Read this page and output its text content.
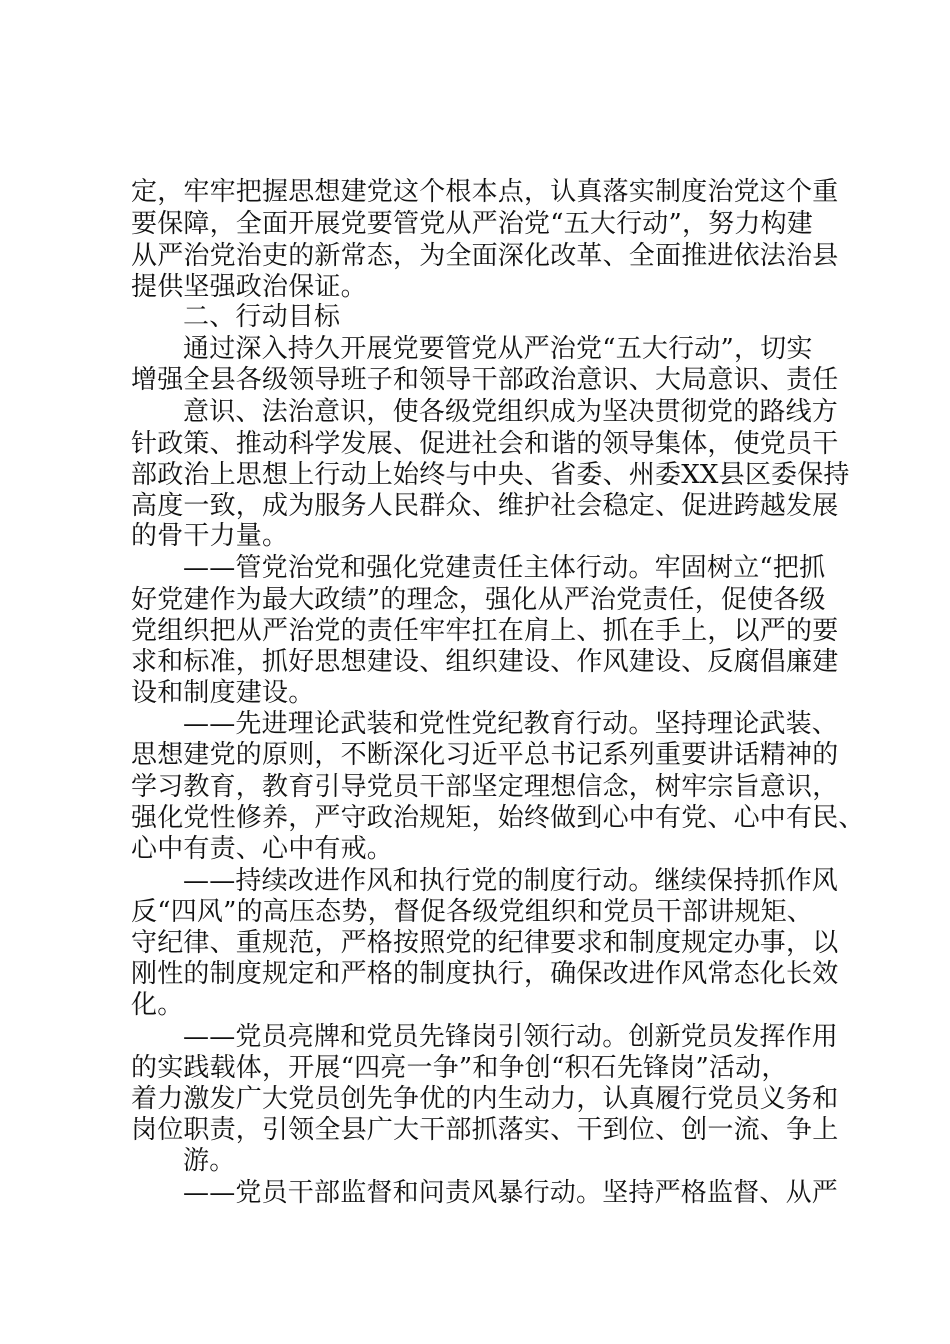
定，牢牢把握思想建党这个根本点，认真落实制度治党这个重
要保障，全面开展党要管党从严治党“五大行动”，努力构建
从严治党治吏的新常态，为全面深化改革、全面推进依法治县
提供坚强政治保证。
二、行动目标
通过深入持久开展党要管党从严治党“五大行动”，切实
增强全县各级领导班子和领导干部政治意识、大局意识、责任
意识、法治意识，使各级党组织成为坚决贯彻党的路线方
针政策、推动科学发展、促进社会和谐的领导集体，使党员干
部政治上思想上行动上始终与中央、省委、州委XX县区委保持
高度一致，成为服务人民群众、维护社会稳定、促进跨越发展
的骨干力量。
——管党治党和强化党建责任主体行动。牢固树立“把抓
好党建作为最大政绩”的理念，强化从严治党责任，促使各级
党组织把从严治党的责任牢牢扛在肩上、抓在手上，以严的要
求和标准，抓好思想建设、组织建设、作风建设、反腐倡廉建
设和制度建设。
——先进理论武装和党性党纪教育行动。坚持理论武装、
思想建党的原则，不断深化习近平总书记系列重要讲话精神的
学习教育，教育引导党员干部坚定理想信念，树牢宗旨意识，
强化党性修养，严守政治规矩，始终做到心中有党、心中有民、
心中有责、心中有戒。
——持续改进作风和执行党的制度行动。继续保持抓作风
反“四风”的高压态势，督促各级党组织和党员干部讲规矩、
守纪律、重规范，严格按照党的纪律要求和制度规定办事，以
刚性的制度规定和严格的制度执行，确保改进作风常态化长效
化。
——党员亮牌和党员先锋岗引领行动。创新党员发挥作用
的实践载体，开展“四亮一争”和争创“积石先锋岗”活动，
着力激发广大党员创先争优的内生动力，认真履行党员义务和
岗位职责，引领全县广大干部抓落实、干到位、创一流、争上
游。
——党员干部监督和问责风暴行动。坚持严格监督、从严
